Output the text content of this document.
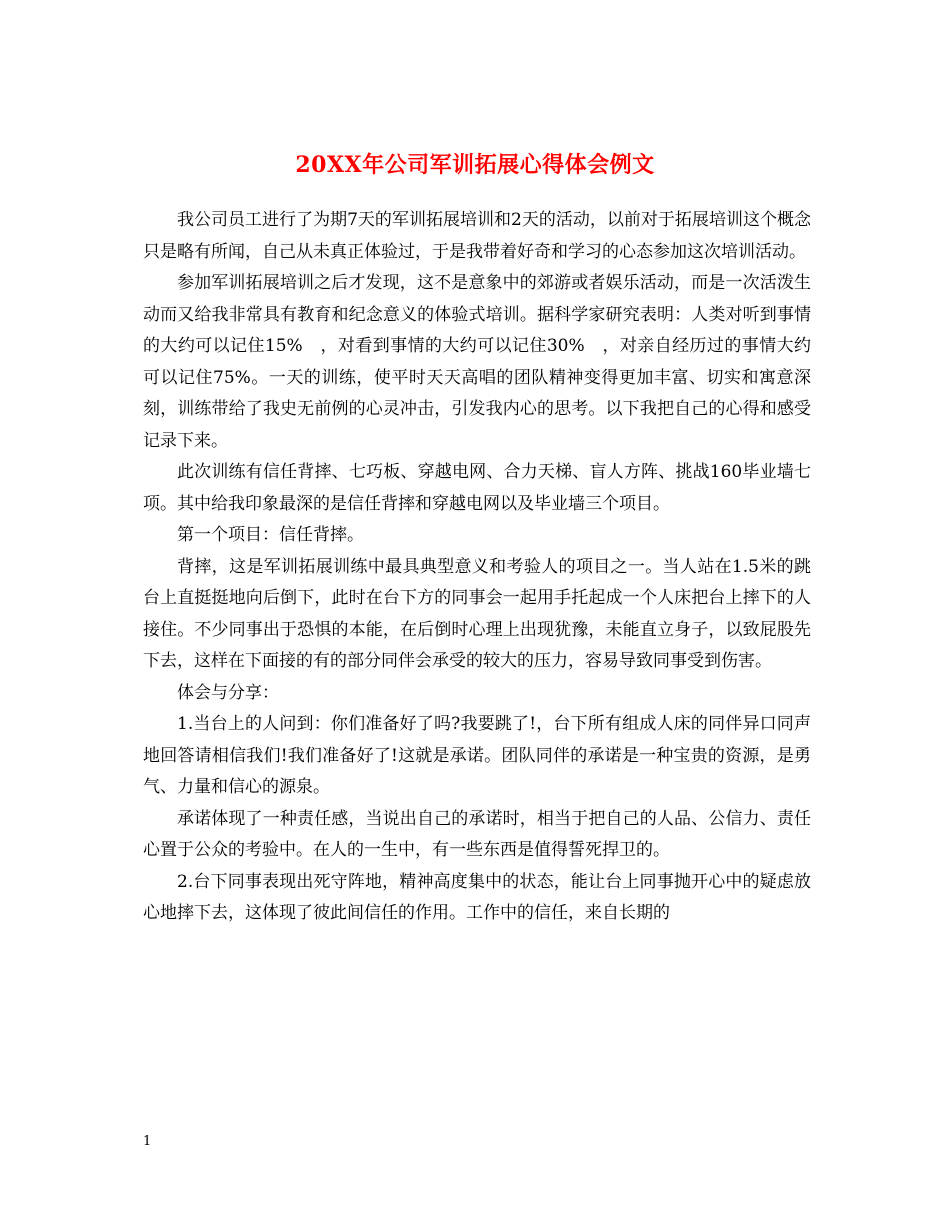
20XX年公司军训拓展心得体会例文

我公司员工进行了为期7天的军训拓展培训和2天的活动，以前对于拓展培训这个概念只是略有所闻，自己从未真正体验过，于是我带着好奇和学习的心态参加这次培训活动。

参加军训拓展培训之后才发现，这不是意象中的郊游或者娱乐活动，而是一次活泼生动而又给我非常具有教育和纪念意义的体验式培训。据科学家研究表明：人类对听到事情的大约可以记住15%　，对看到事情的大约可以记住30%　，对亲自经历过的事情大约可以记住75%。一天的训练，使平时天天高唱的团队精神变得更加丰富、切实和寓意深刻，训练带给了我史无前例的心灵冲击，引发我内心的思考。以下我把自己的心得和感受记录下来。

此次训练有信任背摔、七巧板、穿越电网、合力天梯、盲人方阵、挑战160毕业墙七项。其中给我印象最深的是信任背摔和穿越电网以及毕业墙三个项目。

第一个项目：信任背摔。

背摔，这是军训拓展训练中最具典型意义和考验人的项目之一。当人站在1.5米的跳台上直挺挺地向后倒下，此时在台下方的同事会一起用手托起成一个人床把台上摔下的人接住。不少同事出于恐惧的本能，在后倒时心理上出现犹豫，未能直立身子，以致屁股先下去，这样在下面接的有的部分同伴会承受的较大的压力，容易导致同事受到伤害。

体会与分享：

1.当台上的人问到：你们准备好了吗?我要跳了!，台下所有组成人床的同伴异口同声地回答请相信我们!我们准备好了!这就是承诺。团队同伴的承诺是一种宝贵的资源，是勇气、力量和信心的源泉。

承诺体现了一种责任感，当说出自己的承诺时，相当于把自己的人品、公信力、责任心置于公众的考验中。在人的一生中，有一些东西是值得誓死捍卫的。

2.台下同事表现出死守阵地，精神高度集中的状态，能让台上同事抛开心中的疑虑放心地摔下去，这体现了彼此间信任的作用。工作中的信任，来自长期的

1
